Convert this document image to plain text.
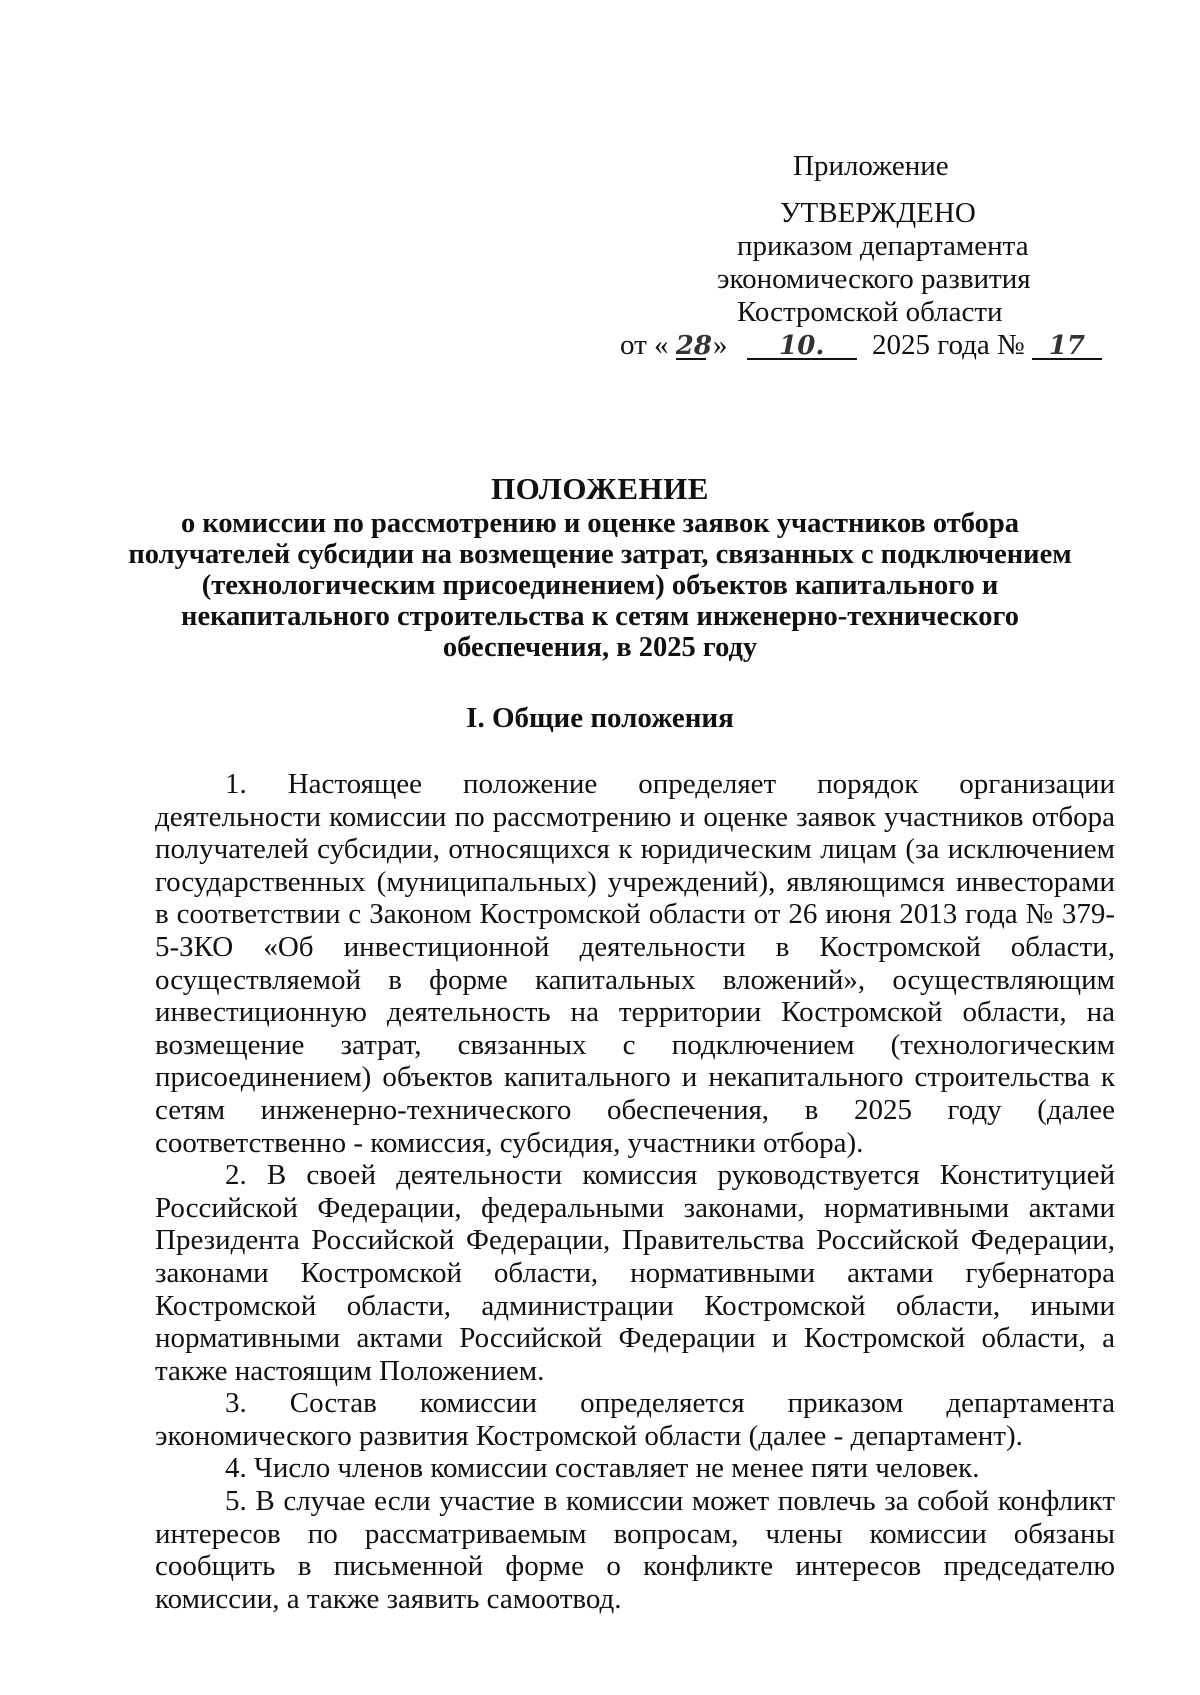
Приложение
УТВЕРЖДЕНО
приказом департамента
экономического развития
Костромской области
от « 28 » 10. 2025 года № 17
ПОЛОЖЕНИЕ
о комиссии по рассмотрению и оценке заявок участников отбора
получателей субсидии на возмещение затрат, связанных с подключением
(технологическим присоединением) объектов капитального и
некапитального строительства к сетям инженерно-технического
обеспечения, в 2025 году
I. Общие положения

1. Настоящее положение определяет порядок организации деятельности комиссии по рассмотрению и оценке заявок участников отбора получателей субсидии, относящихся к юридическим лицам (за исключением государственных (муниципальных) учреждений), являющимся инвесторами в соответствии с Законом Костромской области от 26 июня 2013 года № 379-5-ЗКО «Об инвестиционной деятельности в Костромской области, осуществляемой в форме капитальных вложений», осуществляющим инвестиционную деятельность на территории Костромской области, на возмещение затрат, связанных с подключением (технологическим присоединением) объектов капитального и некапитального строительства к сетям инженерно-технического обеспечения, в 2025 году (далее соответственно - комиссия, субсидия, участники отбора).

2. В своей деятельности комиссия руководствуется Конституцией Российской Федерации, федеральными законами, нормативными актами Президента Российской Федерации, Правительства Российской Федерации, законами Костромской области, нормативными актами губернатора Костромской области, администрации Костромской области, иными нормативными актами Российской Федерации и Костромской области, а также настоящим Положением.

3. Состав комиссии определяется приказом департамента экономического развития Костромской области (далее - департамент).

4. Число членов комиссии составляет не менее пяти человек.

5. В случае если участие в комиссии может повлечь за собой конфликт интересов по рассматриваемым вопросам, члены комиссии обязаны сообщить в письменной форме о конфликте интересов председателю комиссии, а также заявить самоотвод.
